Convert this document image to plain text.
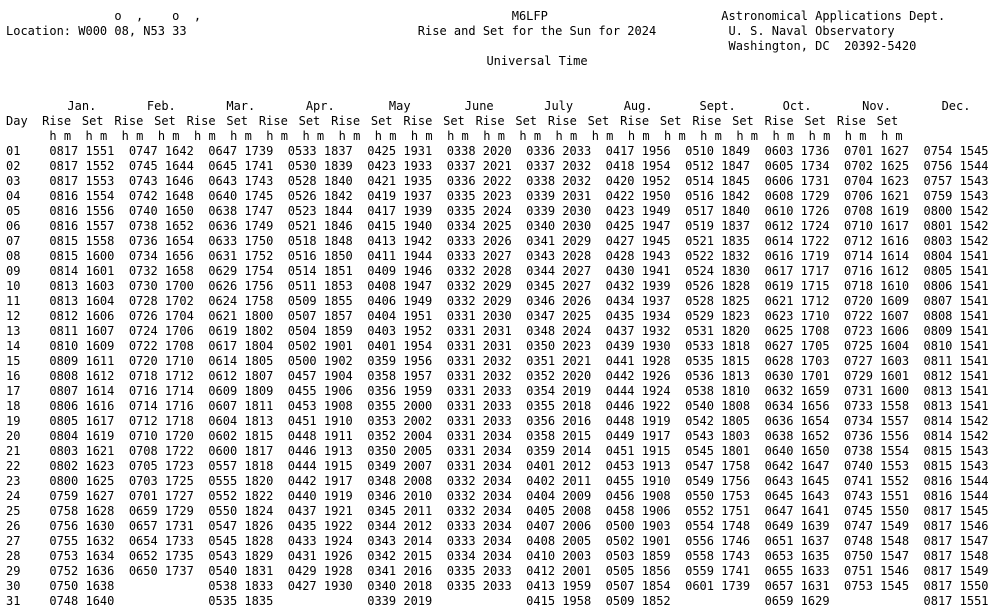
o  ,    o  ,	M6LFP	Astronomical Applications Dept.
Location: W000 08, N53 33	Rise and Set for the Sun for 2024	U. S. Naval Observatory
Washington, DC  20392-5420
Universal Time
Jan.	Feb.	Mar.	Apr.	May	June	July	Aug.	Sept.	Oct.	Nov.	Dec.
Day Rise Set Rise Set Rise Set Rise Set Rise Set Rise Set Rise Set Rise Set Rise Set Rise Set Rise Set Rise Set
h m h m h m h m h m h m h m h m h m h m h m h m h m h m h m h m h m h m h m h m h m h m h m h m
01 0817 1551 0747 1642 0647 1739 0533 1837 0425 1931 0338 2020 0336 2033 0417 1956 0510 1849 0603 1736 0701 1627 0754 1545
02 0817 1552 0745 1644 0645 1741 0530 1839 0423 1933 0337 2021 0337 2032 0418 1954 0512 1847 0605 1734 0702 1625 0756 1544
03 0817 1553 0743 1646 0643 1743 0528 1840 0421 1935 0336 2022 0338 2032 0420 1952 0514 1845 0606 1731 0704 1623 0757 1543
04 0816 1554 0742 1648 0640 1745 0526 1842 0419 1937 0335 2023 0339 2031 0422 1950 0516 1842 0608 1729 0706 1621 0759 1543
05 0816 1556 0740 1650 0638 1747 0523 1844 0417 1939 0335 2024 0339 2030 0423 1949 0517 1840 0610 1726 0708 1619 0800 1542
06 0816 1557 0738 1652 0636 1749 0521 1846 0415 1940 0334 2025 0340 2030 0425 1947 0519 1837 0612 1724 0710 1617 0801 1542
07 0815 1558 0736 1654 0633 1750 0518 1848 0413 1942 0333 2026 0341 2029 0427 1945 0521 1835 0614 1722 0712 1616 0803 1542
08 0815 1600 0734 1656 0631 1752 0516 1850 0411 1944 0333 2027 0343 2028 0428 1943 0522 1832 0616 1719 0714 1614 0804 1541
09 0814 1601 0732 1658 0629 1754 0514 1851 0409 1946 0332 2028 0344 2027 0430 1941 0524 1830 0617 1717 0716 1612 0805 1541
10 0813 1603 0730 1700 0626 1756 0511 1853 0408 1947 0332 2029 0345 2027 0432 1939 0526 1828 0619 1715 0718 1610 0806 1541
11 0813 1604 0728 1702 0624 1758 0509 1855 0406 1949 0332 2029 0346 2026 0434 1937 0528 1825 0621 1712 0720 1609 0807 1541
12 0812 1606 0726 1704 0621 1800 0507 1857 0404 1951 0331 2030 0347 2025 0435 1934 0529 1823 0623 1710 0722 1607 0808 1541
13 0811 1607 0724 1706 0619 1802 0504 1859 0403 1952 0331 2031 0348 2024 0437 1932 0531 1820 0625 1708 0723 1606 0809 1541
14 0810 1609 0722 1708 0617 1804 0502 1901 0401 1954 0331 2031 0350 2023 0439 1930 0533 1818 0627 1705 0725 1604 0810 1541
15 0809 1611 0720 1710 0614 1805 0500 1902 0359 1956 0331 2032 0351 2021 0441 1928 0535 1815 0628 1703 0727 1603 0811 1541
16 0808 1612 0718 1712 0612 1807 0457 1904 0358 1957 0331 2032 0352 2020 0442 1926 0536 1813 0630 1701 0729 1601 0812 1541
17 0807 1614 0716 1714 0609 1809 0455 1906 0356 1959 0331 2033 0354 2019 0444 1924 0538 1810 0632 1659 0731 1600 0813 1541
18 0806 1616 0714 1716 0607 1811 0453 1908 0355 2000 0331 2033 0355 2018 0446 1922 0540 1808 0634 1656 0733 1558 0813 1541
19 0805 1617 0712 1718 0604 1813 0451 1910 0353 2002 0331 2033 0356 2016 0448 1919 0542 1805 0636 1654 0734 1557 0814 1542
20 0804 1619 0710 1720 0602 1815 0448 1911 0352 2004 0331 2034 0358 2015 0449 1917 0543 1803 0638 1652 0736 1556 0814 1542
21 0803 1621 0708 1722 0600 1817 0446 1913 0350 2005 0331 2034 0359 2014 0451 1915 0545 1801 0640 1650 0738 1554 0815 1543
22 0802 1623 0705 1723 0557 1818 0444 1915 0349 2007 0331 2034 0401 2012 0453 1913 0547 1758 0642 1647 0740 1553 0815 1543
23 0800 1625 0703 1725 0555 1820 0442 1917 0348 2008 0332 2034 0402 2011 0455 1910 0549 1756 0643 1645 0741 1552 0816 1544
24 0759 1627 0701 1727 0552 1822 0440 1919 0346 2010 0332 2034 0404 2009 0456 1908 0550 1753 0645 1643 0743 1551 0816 1544
25 0758 1628 0659 1729 0550 1824 0437 1921 0345 2011 0332 2034 0405 2008 0458 1906 0552 1751 0647 1641 0745 1550 0817 1545
26 0756 1630 0657 1731 0547 1826 0435 1922 0344 2012 0333 2034 0407 2006 0500 1903 0554 1748 0649 1639 0747 1549 0817 1546
27 0755 1632 0654 1733 0545 1828 0433 1924 0343 2014 0333 2034 0408 2005 0502 1901 0556 1746 0651 1637 0748 1548 0817 1547
28 0753 1634 0652 1735 0543 1829 0431 1926 0342 2015 0334 2034 0410 2003 0503 1859 0558 1743 0653 1635 0750 1547 0817 1548
29 0752 1636 0650 1737 0540 1831 0429 1928 0341 2016 0335 2033 0412 2001 0505 1856 0559 1741 0655 1633 0751 1546 0817 1549
30 0750 1638	0538 1833 0427 1930 0340 2018 0335 2033 0413 1959 0507 1854 0601 1739 0657 1631 0753 1545 0817 1550
31 0748 1640	0535 1835	0339 2019	0415 1958 0509 1852	0659 1629	0817 1551
